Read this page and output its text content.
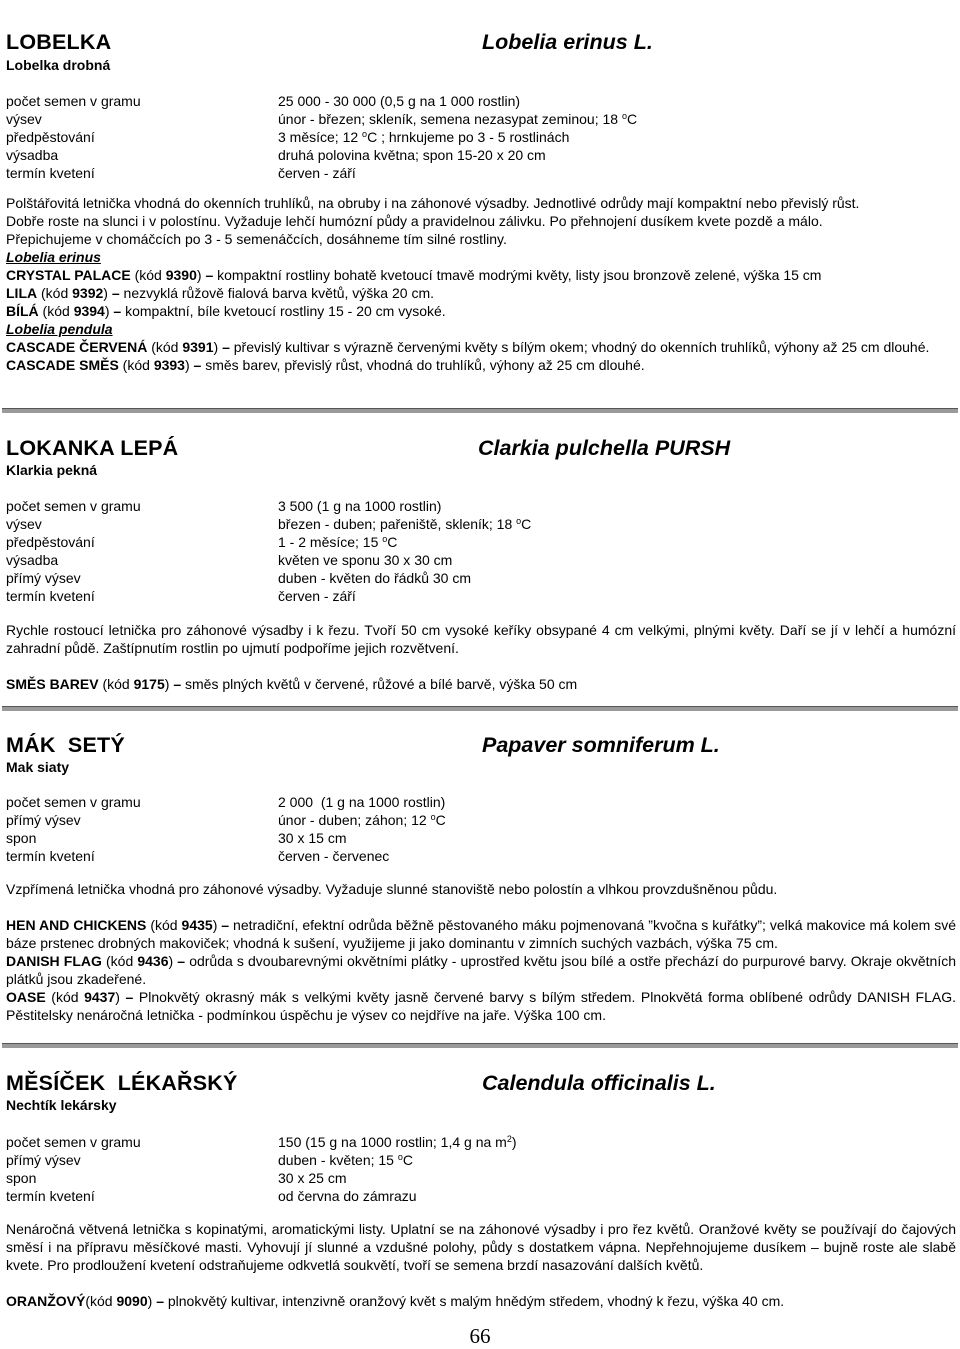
LOBELKA	Lobelia erinus L.
Lobelka drobná
počet semen v gramu	25 000 - 30 000 (0,5 g na 1 000 rostlin)
výsev	únor - březen; skleník, semena nezasypat zeminou; 18 $^o$C
předpěstování	3 měsíce; 12 $^o$C ; hrnkujeme po 3 - 5 rostlinách
výsadba	druhá polovina května; spon 15-20 x 20 cm
termín kvetení	červen - září

Polštářovitá letnička vhodná do okenních truhlíků, na obruby i na záhonové výsadby. Jednotlivé odrůdy mají kompaktní nebo převislý růst.

Dobře roste na slunci i v polostínu. Vyžaduje lehčí humózní půdy a pravidelnou zálivku. Po přehnojení dusíkem kvete pozdě a málo.

Přepichujeme v chomáčcích po 3 - 5 semenáčcích, dosáhneme tím silné rostliny.

Lobelia erinus

CRYSTAL PALACE (kód 9390) – kompaktní rostliny bohatě kvetoucí tmavě modrými květy, listy jsou bronzově zelené, výška 15 cm

LILA (kód 9392) – nezvyklá růžově fialová barva květů, výška 20 cm.

BÍLÁ (kód 9394) – kompaktní, bíle kvetoucí rostliny 15 - 20 cm vysoké.

Lobelia pendula

CASCADE ČERVENÁ (kód 9391) – převislý kultivar s výrazně červenými květy s bílým okem; vhodný do okenních truhlíků, výhony až 25 cm dlouhé.

CASCADE SMĚS (kód 9393) – směs barev, převislý růst, vhodná do truhlíků, výhony až 25 cm dlouhé.

LOKANKA LEPÁ	Clarkia pulchella PURSH
Klarkia pekná
počet semen v gramu	3 500 (1 g na 1000 rostlin)
výsev	březen - duben; pařeniště, skleník; 18 $^o$C
předpěstování	1 - 2 měsíce; 15 $^o$C
výsadba	květen ve sponu 30 x 30 cm
přímý výsev	duben - květen do řádků 30 cm
termín kvetení	červen - září

Rychle rostoucí letnička pro záhonové výsadby i k řezu. Tvoří 50 cm vysoké keříky obsypané 4 cm velkými, plnými květy. Daří se jí v lehčí a humózní zahradní půdě. Zaštípnutím rostlin po ujmutí podpoříme jejich rozvětvení.

SMĚS BAREV (kód 9175) – směs plných květů v červené, růžové a bílé barvě, výška 50 cm

MÁK  SETÝ	Papaver somniferum L.
Mak siaty
počet semen v gramu	2 000  (1 g na 1000 rostlin)
přímý výsev	únor - duben; záhon; 12 $^o$C
spon	30 x 15 cm
termín kvetení	červen - červenec

Vzpřímená letnička vhodná pro záhonové výsadby. Vyžaduje slunné stanoviště nebo polostín a vlhkou provzdušněnou půdu.

HEN AND CHICKENS (kód 9435) – netradiční, efektní odrůda běžně pěstovaného máku pojmenovaná ”kvočna s kuřátky”; velká makovice má kolem své báze prstenec drobných makoviček; vhodná k sušení, využijeme ji jako dominantu v zimních suchých vazbách, výška 75 cm.

DANISH FLAG (kód 9436) – odrůda s dvoubarevnými okvětními plátky - uprostřed květu jsou bílé a ostře přechází do purpurové barvy. Okraje okvětních plátků jsou zkadeřené.

OASE (kód 9437) – Plnokvětý okrasný mák s velkými květy jasně červené barvy s bílým středem. Plnokvětá forma oblíbené odrůdy DANISH FLAG. Pěstitelsky nenáročná letnička - podmínkou úspěchu je výsev co nejdříve na jaře. Výška 100 cm.

MĚSÍČEK  LÉKAŘSKÝ	Calendula officinalis L.
Nechtík lekársky
počet semen v gramu	150 (15 g na 1000 rostlin; 1,4 g na $m^2$)
přímý výsev	duben - květen; 15 $^o$C
spon	30 x 25 cm
termín kvetení	od června do zámrazu

Nenáročná větvená letnička s kopinatými, aromatickými listy. Uplatní se na záhonové výsadby i pro řez květů. Oranžové květy se používají do čajových směsí i na přípravu měsíčkové masti. Vyhovují jí slunné a vzdušné polohy, půdy s dostatkem vápna. Nepřehnojujeme dusíkem – bujně roste ale slabě kvete. Pro prodloužení kvetení odstraňujeme odkvetlá soukvětí, tvoří se semena brzdí nasazování dalších květů.

ORANŽOVÝ(kód 9090) – plnokvětý kultivar, intenzivně oranžový květ s malým hnědým středem, vhodný k řezu, výška 40 cm.

66
